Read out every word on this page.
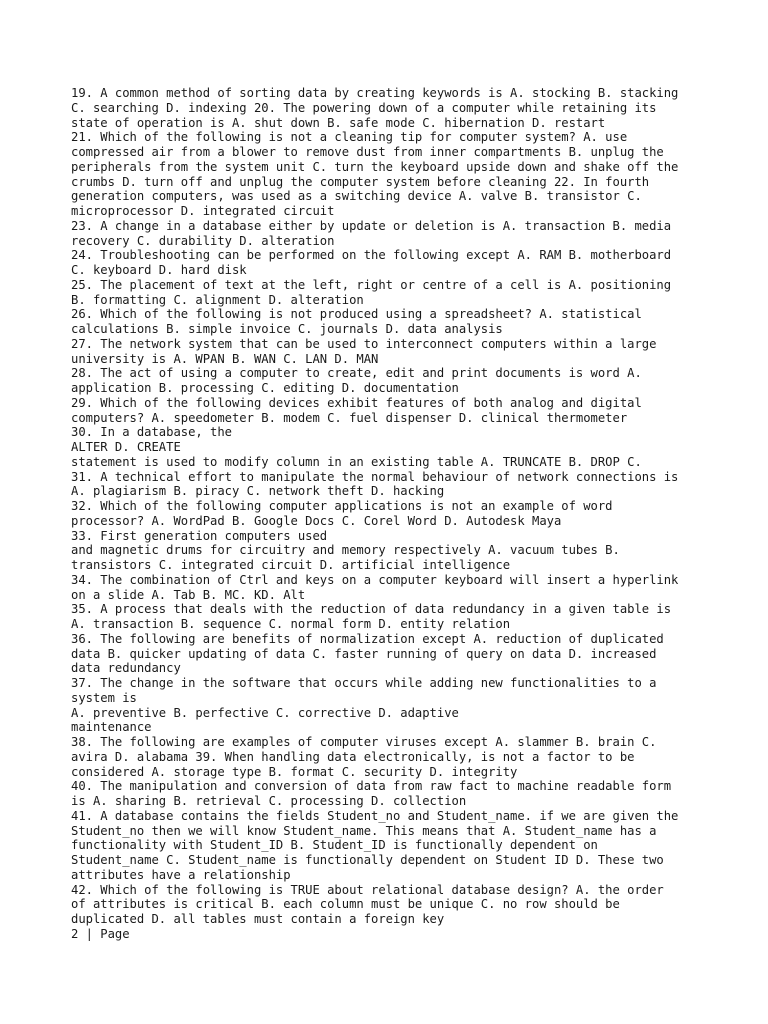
19. A common method of sorting data by creating keywords is A. stocking B. stacking
C. searching D. indexing 20. The powering down of a computer while retaining its
state of operation is A. shut down B. safe mode C. hibernation D. restart
21. Which of the following is not a cleaning tip for computer system? A. use
compressed air from a blower to remove dust from inner compartments B. unplug the
peripherals from the system unit C. turn the keyboard upside down and shake off the
crumbs D. turn off and unplug the computer system before cleaning 22. In fourth
generation computers, was used as a switching device A. valve B. transistor C.
microprocessor D. integrated circuit
23. A change in a database either by update or deletion is A. transaction B. media
recovery C. durability D. alteration
24. Troubleshooting can be performed on the following except A. RAM B. motherboard
C. keyboard D. hard disk
25. The placement of text at the left, right or centre of a cell is A. positioning
B. formatting C. alignment D. alteration
26. Which of the following is not produced using a spreadsheet? A. statistical
calculations B. simple invoice C. journals D. data analysis
27. The network system that can be used to interconnect computers within a large
university is A. WPAN B. WAN C. LAN D. MAN
28. The act of using a computer to create, edit and print documents is word A.
application B. processing C. editing D. documentation
29. Which of the following devices exhibit features of both analog and digital
computers? A. speedometer B. modem C. fuel dispenser D. clinical thermometer
30. In a database, the
ALTER D. CREATE
statement is used to modify column in an existing table A. TRUNCATE B. DROP C.
31. A technical effort to manipulate the normal behaviour of network connections is
A. plagiarism B. piracy C. network theft D. hacking
32. Which of the following computer applications is not an example of word
processor? A. WordPad B. Google Docs C. Corel Word D. Autodesk Maya
33. First generation computers used
and magnetic drums for circuitry and memory respectively A. vacuum tubes B.
transistors C. integrated circuit D. artificial intelligence
34. The combination of Ctrl and keys on a computer keyboard will insert a hyperlink
on a slide A. Tab B. MC. KD. Alt
35. A process that deals with the reduction of data redundancy in a given table is
A. transaction B. sequence C. normal form D. entity relation
36. The following are benefits of normalization except A. reduction of duplicated
data B. quicker updating of data C. faster running of query on data D. increased
data redundancy
37. The change in the software that occurs while adding new functionalities to a
system is
A. preventive B. perfective C. corrective D. adaptive
maintenance
38. The following are examples of computer viruses except A. slammer B. brain C.
avira D. alabama 39. When handling data electronically, is not a factor to be
considered A. storage type B. format C. security D. integrity
40. The manipulation and conversion of data from raw fact to machine readable form
is A. sharing B. retrieval C. processing D. collection
41. A database contains the fields Student_no and Student_name. if we are given the
Student_no then we will know Student_name. This means that A. Student_name has a
functionality with Student_ID B. Student_ID is functionally dependent on
Student_name C. Student_name is functionally dependent on Student ID D. These two
attributes have a relationship
42. Which of the following is TRUE about relational database design? A. the order
of attributes is critical B. each column must be unique C. no row should be
duplicated D. all tables must contain a foreign key
2 | Page
